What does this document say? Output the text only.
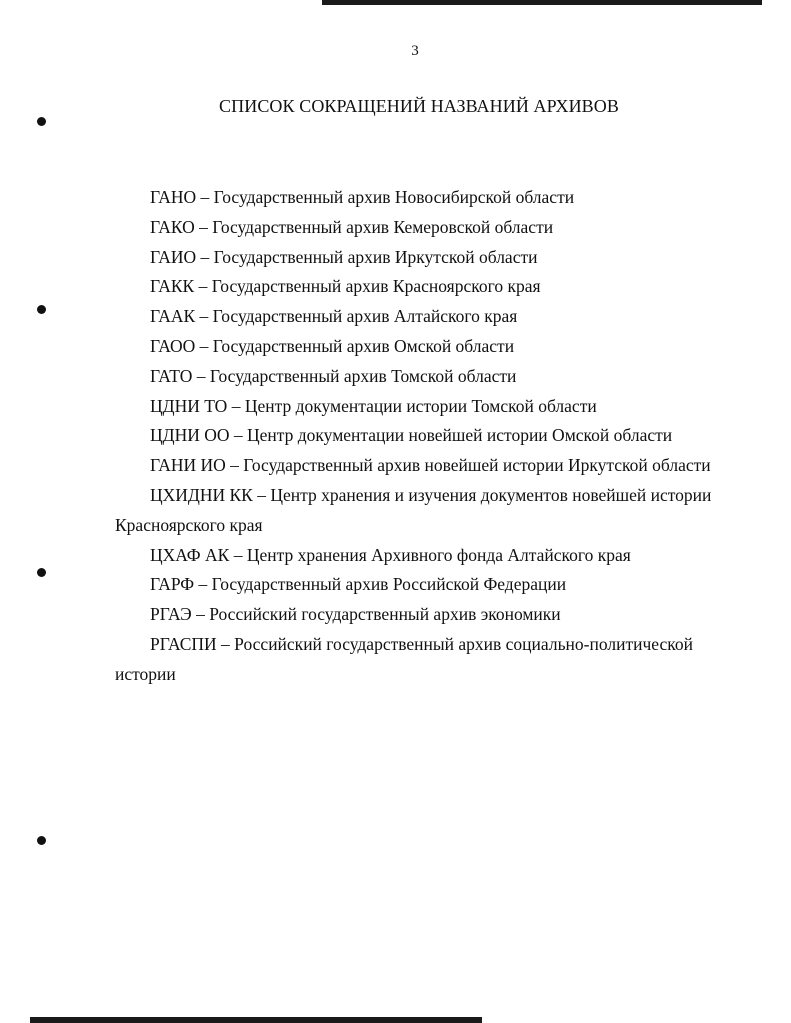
3
СПИСОК СОКРАЩЕНИЙ НАЗВАНИЙ АРХИВОВ

ГАНО – Государственный архив Новосибирской области

ГАКО – Государственный архив Кемеровской области

ГАИО – Государственный архив Иркутской области

ГАКК – Государственный архив Красноярского края

ГААК – Государственный архив Алтайского края

ГАОО – Государственный архив Омской области

ГАТО – Государственный архив Томской области

ЦДНИ ТО – Центр документации истории Томской области

ЦДНИ ОО – Центр документации новейшей истории Омской области

ГАНИ ИО – Государственный архив новейшей истории Иркутской области

ЦХИДНИ КК – Центр хранения и изучения документов новейшей истории Красноярского края

ЦХАФ АК – Центр хранения Архивного фонда Алтайского края

ГАРФ – Государственный архив Российской Федерации

РГАЭ – Российский государственный архив экономики

РГАСПИ – Российский государственный архив социально-политической истории
